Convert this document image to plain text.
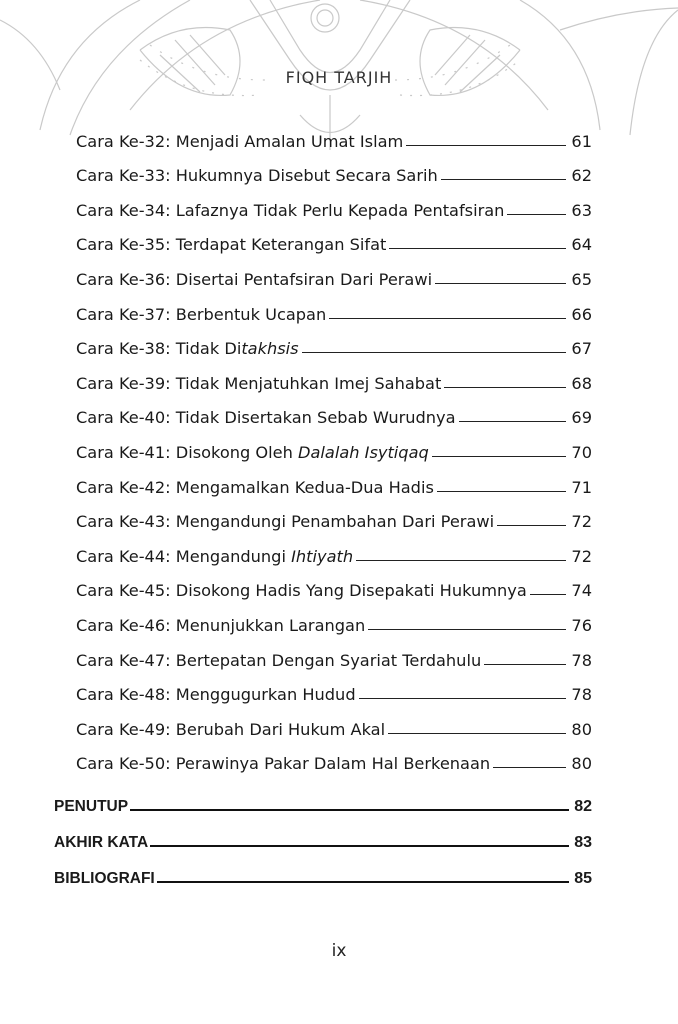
FIQH TARJIH
Cara Ke-32: Menjadi Amalan Umat Islam	61
Cara Ke-33: Hukumnya Disebut Secara Sarih	62
Cara Ke-34: Lafaznya Tidak Perlu Kepada Pentafsiran	63
Cara Ke-35: Terdapat Keterangan Sifat	64
Cara Ke-36: Disertai Pentafsiran Dari Perawi	65
Cara Ke-37: Berbentuk Ucapan	66
Cara Ke-38: Tidak Ditakhsis	67
Cara Ke-39: Tidak Menjatuhkan Imej Sahabat	68
Cara Ke-40: Tidak Disertakan Sebab Wurudnya	69
Cara Ke-41: Disokong Oleh Dalalah Isytiqaq	70
Cara Ke-42: Mengamalkan Kedua-Dua Hadis	71
Cara Ke-43: Mengandungi Penambahan Dari Perawi	72
Cara Ke-44: Mengandungi Ihtiyath	72
Cara Ke-45: Disokong Hadis Yang Disepakati Hukumnya	74
Cara Ke-46: Menunjukkan Larangan	76
Cara Ke-47: Bertepatan Dengan Syariat Terdahulu	78
Cara Ke-48: Menggugurkan Hudud	78
Cara Ke-49: Berubah Dari Hukum Akal	80
Cara Ke-50: Perawinya Pakar Dalam Hal Berkenaan	80
PENUTUP	82
AKHIR KATA	83
BIBLIOGRAFI	85
ix
